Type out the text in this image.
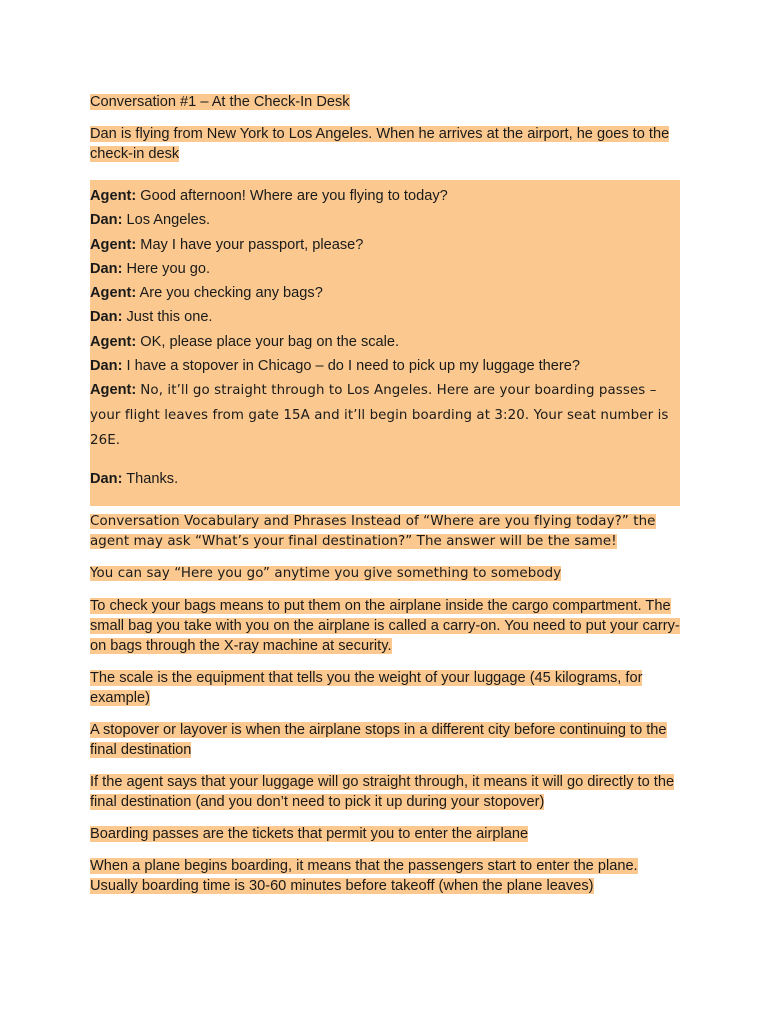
Conversation #1 – At the Check-In Desk
Dan is flying from New York to Los Angeles. When he arrives at the airport, he goes to the check-in desk
Agent: Good afternoon! Where are you flying to today?
Dan: Los Angeles.
Agent: May I have your passport, please?
Dan: Here you go.
Agent: Are you checking any bags?
Dan: Just this one.
Agent: OK, please place your bag on the scale.
Dan: I have a stopover in Chicago – do I need to pick up my luggage there?
Agent: No, it’ll go straight through to Los Angeles. Here are your boarding passes – your flight leaves from gate 15A and it’ll begin boarding at 3:20. Your seat number is 26E.
Dan: Thanks.
Conversation Vocabulary and Phrases Instead of “Where are you flying today?” the agent may ask “What’s your final destination?” The answer will be the same!
You can say “Here you go” anytime you give something to somebody
To check your bags means to put them on the airplane inside the cargo compartment. The small bag you take with you on the airplane is called a carry-on. You need to put your carry-on bags through the X-ray machine at security.
The scale is the equipment that tells you the weight of your luggage (45 kilograms, for example)
A stopover or layover is when the airplane stops in a different city before continuing to the final destination
If the agent says that your luggage will go straight through, it means it will go directly to the final destination (and you don’t need to pick it up during your stopover)
Boarding passes are the tickets that permit you to enter the airplane
When a plane begins boarding, it means that the passengers start to enter the plane. Usually boarding time is 30-60 minutes before takeoff (when the plane leaves)
